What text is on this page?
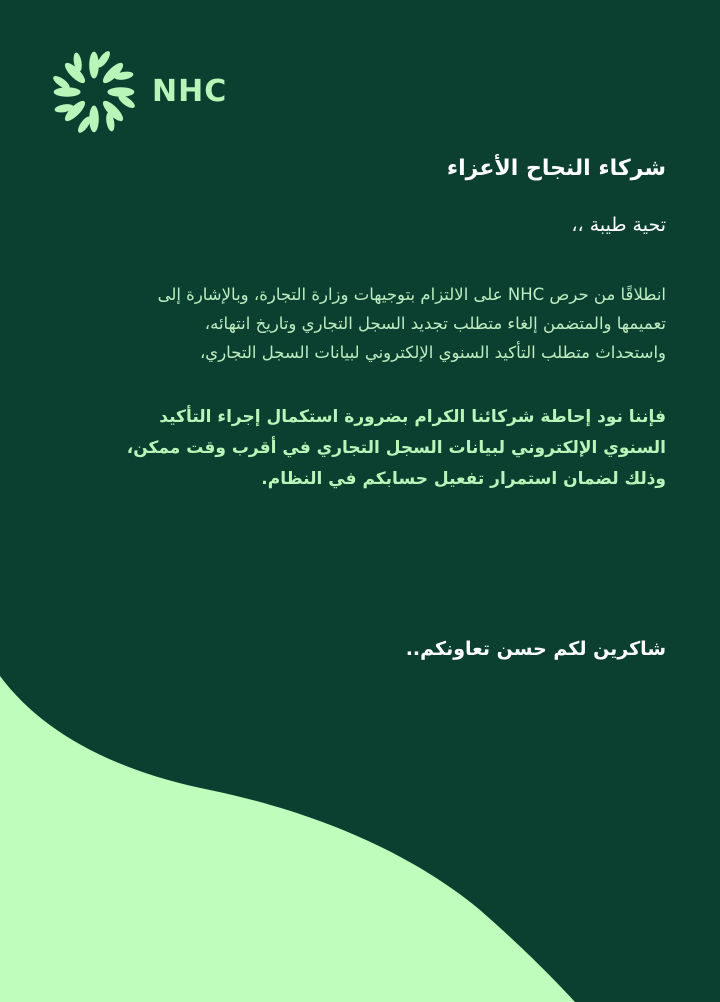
NHC
شركاء النجاح الأعزاء
تحية طيبة ،،
انطلاقًا من حرص NHC على الالتزام بتوجيهات وزارة التجارة، وبالإشارة إلى
تعميمها والمتضمن إلغاء متطلب تجديد السجل التجاري وتاريخ انتهائه،
واستحداث متطلب التأكيد السنوي الإلكتروني لبيانات السجل التجاري،
فإننا نود إحاطة شركائنا الكرام بضرورة استكمال إجراء التأكيد
السنوي الإلكتروني لبيانات السجل التجاري في أقرب وقت ممكن،
وذلك لضمان استمرار تفعيل حسابكم في النظام.
شاكرين لكم حسن تعاونكم..
